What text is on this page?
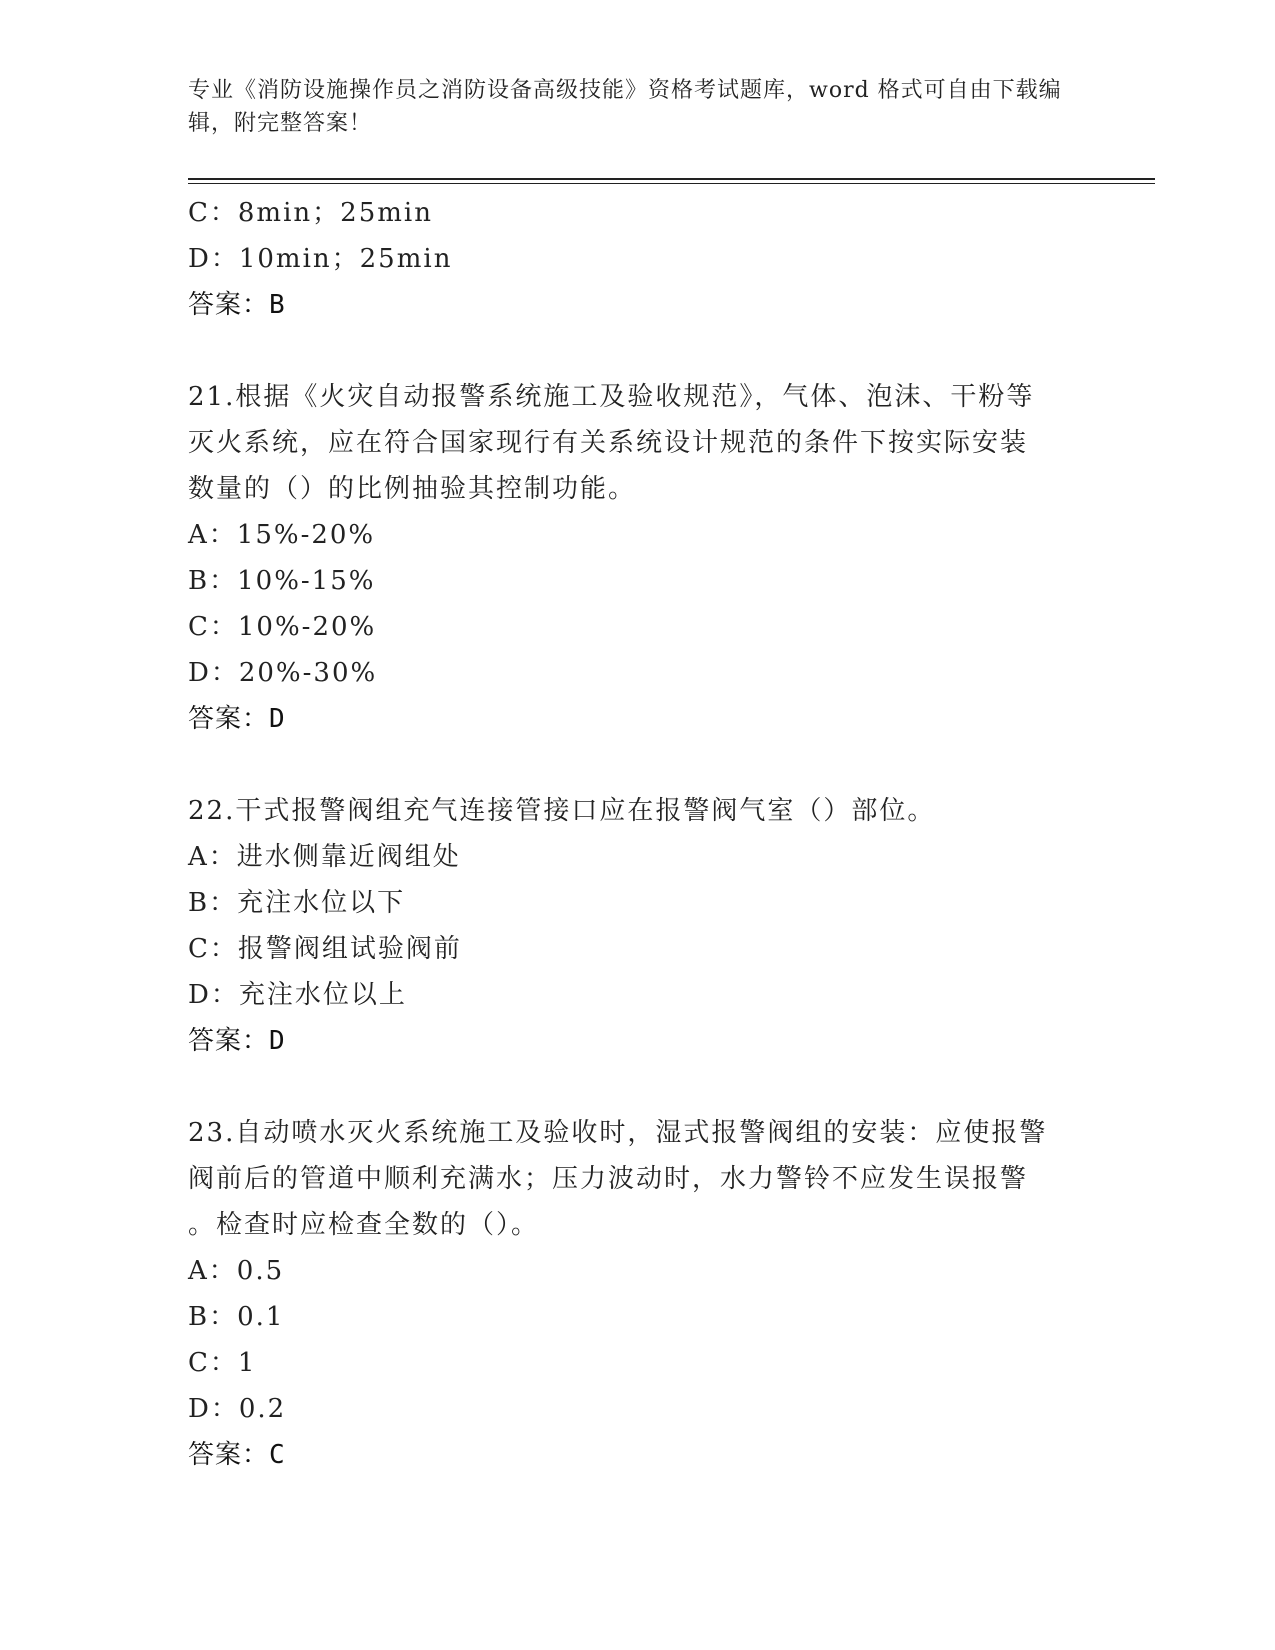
专业《消防设施操作员之消防设备高级技能》资格考试题库，word 格式可自由下载编辑，附完整答案！
C：8min；25min
D：10min；25min
答案：B
21.根据《火灾自动报警系统施工及验收规范》，气体、泡沫、干粉等
灭火系统，应在符合国家现行有关系统设计规范的条件下按实际安装
数量的（）的比例抽验其控制功能。
A：15%-20%
B：10%-15%
C：10%-20%
D：20%-30%
答案：D
22.干式报警阀组充气连接管接口应在报警阀气室（）部位。
A：进水侧靠近阀组处
B：充注水位以下
C：报警阀组试验阀前
D：充注水位以上
答案：D
23.自动喷水灭火系统施工及验收时，湿式报警阀组的安装：应使报警
阀前后的管道中顺利充满水；压力波动时，水力警铃不应发生误报警
。检查时应检查全数的（）。
A：0.5
B：0.1
C：1
D：0.2
答案：C
